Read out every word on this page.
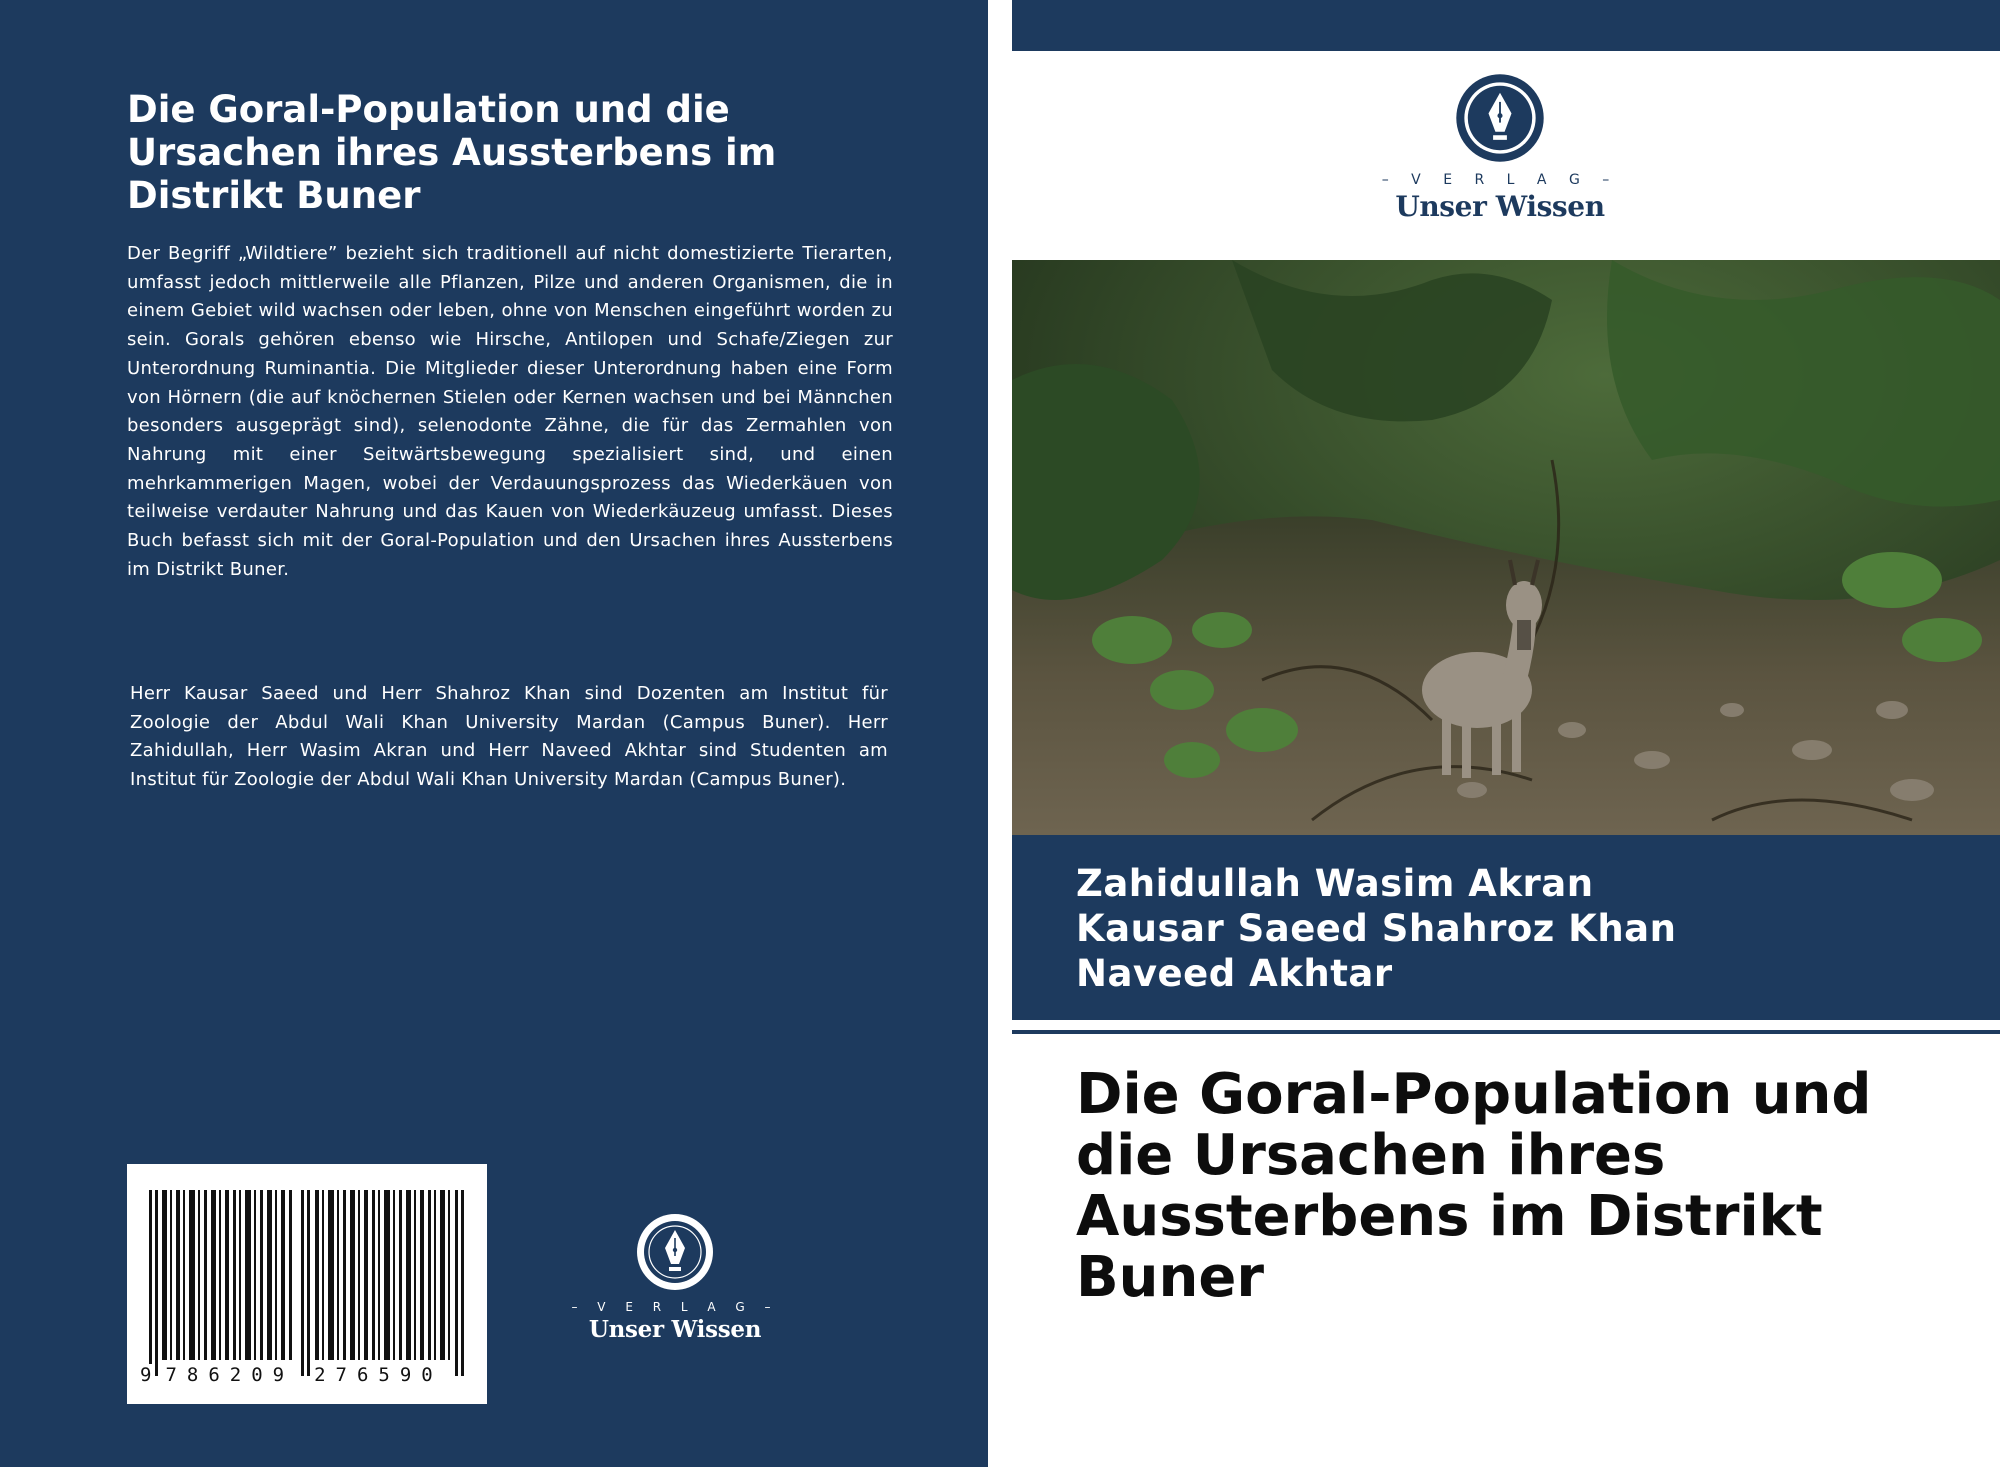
Die Goral-Population und die Ursachen ihres Aussterbens im Distrikt Buner

Der Begriff „Wildtiere” bezieht sich traditionell auf nicht domestizierte Tierarten, umfasst jedoch mittlerweile alle Pflanzen, Pilze und anderen Organismen, die in einem Gebiet wild wachsen oder leben, ohne von Menschen eingeführt worden zu sein. Gorals gehören ebenso wie Hirsche, Antilopen und Schafe/Ziegen zur Unterordnung Ruminantia. Die Mitglieder dieser Unterordnung haben eine Form von Hörnern (die auf knöchernen Stielen oder Kernen wachsen und bei Männchen besonders ausgeprägt sind), selenodonte Zähne, die für das Zermahlen von Nahrung mit einer Seitwärtsbewegung spezialisiert sind, und einen mehrkammerigen Magen, wobei der Verdauungsprozess das Wiederkäuen von teilweise verdauter Nahrung und das Kauen von Wiederkäuzeug umfasst. Dieses Buch befasst sich mit der Goral-Population und den Ursachen ihres Aussterbens im Distrikt Buner.

Herr Kausar Saeed und Herr Shahroz Khan sind Dozenten am Institut für Zoologie der Abdul Wali Khan University Mardan (Campus Buner). Herr Zahidullah, Herr Wasim Akran und Herr Naveed Akhtar sind Studenten am Institut für Zoologie der Abdul Wali Khan University Mardan (Campus Buner).

9 786209 276590
– V E R L A G –
Unser Wissen
– V E R L A G –
Unser Wissen
Zahidullah Wasim Akran
Kausar Saeed Shahroz Khan
Naveed Akhtar
Die Goral-Population und die Ursachen ihres Aussterbens im Distrikt Buner
